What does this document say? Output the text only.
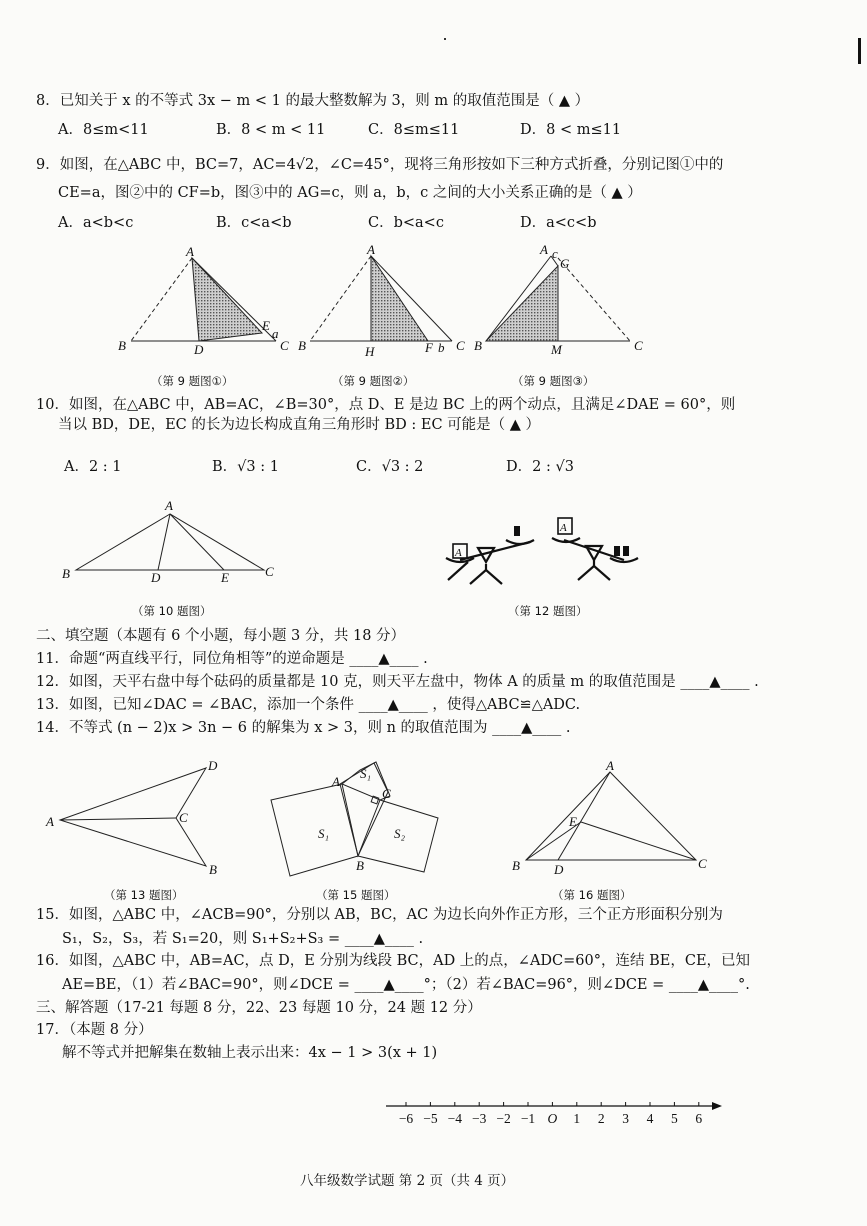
8．已知关于 x 的不等式 3x − m < 1 的最大整数解为 3，则 m 的取值范围是（ ▲ ）
A．8≤m<11	B．8 < m < 11	C．8≤m≤11	D．8 < m≤11
9．如图，在△ABC 中，BC=7，AC=4√2，∠C=45°，现将三角形按如下三种方式折叠，分别记图①中的
CE=a，图②中的 CF=b，图③中的 AG=c，则 a，b，c 之间的大小关系正确的是（ ▲ ）
A．a<b<c	B．c<a<b	C．b<a<c	D．a<c<b
A
B	D
E
a
C
A
B	H	F b C
A c
G
B	M	C
（第 9 题图①）	（第 9 题图②）	（第 9 题图③）
10．如图，在△ABC 中，AB=AC，∠B=30°，点 D、E 是边 BC 上的两个动点，且满足∠DAE = 60°，则
当以 BD，DE，EC 的长为边长构成直角三角形时 BD : EC 可能是（ ▲ ）
A．2 : 1	B．√3 : 1	C．√3 : 2	D．2 : √3
A
B	D	E	C
（第 10 题图）
A
A
（第 12 题图）
二、填空题（本题有 6 个小题，每小题 3 分，共 18 分）
11．命题“两直线平行，同位角相等”的逆命题是 ____▲____ .
12．如图，天平右盘中每个砝码的质量都是 10 克，则天平左盘中，物体 A 的质量 m 的取值范围是 ____▲____ .
13．如图，已知∠DAC = ∠BAC，添加一个条件 ____▲____ ，使得△ABC≌△ADC.
14．不等式 (n − 2)x > 3n − 6 的解集为 x > 3，则 n 的取值范围为 ____▲____ .
A
D
C
B
A
C
B
S₁
S₁	S₂
A
E
B	D	C
（第 13 题图）	（第 15 题图）	（第 16 题图）
15．如图，△ABC 中，∠ACB=90°，分别以 AB，BC，AC 为边长向外作正方形，三个正方形面积分别为
S₁，S₂，S₃，若 S₁=20，则 S₁+S₂+S₃ = ____▲____ .
16．如图，△ABC 中，AB=AC，点 D，E 分别为线段 BC，AD 上的点，∠ADC=60°，连结 BE，CE，已知
AE=BE，（1）若∠BAC=90°，则∠DCE = ____▲____°；（2）若∠BAC=96°，则∠DCE = ____▲____°.
三、解答题（17-21 每题 8 分，22、23 每题 10 分，24 题 12 分）
17．（本题 8 分）
解不等式并把解集在数轴上表示出来：4x − 1 > 3(x + 1)
−6 −5 −4 −3 −2 −1 O 1 2 3 4 5 6
八年级数学试题 第 2 页（共 4 页）
